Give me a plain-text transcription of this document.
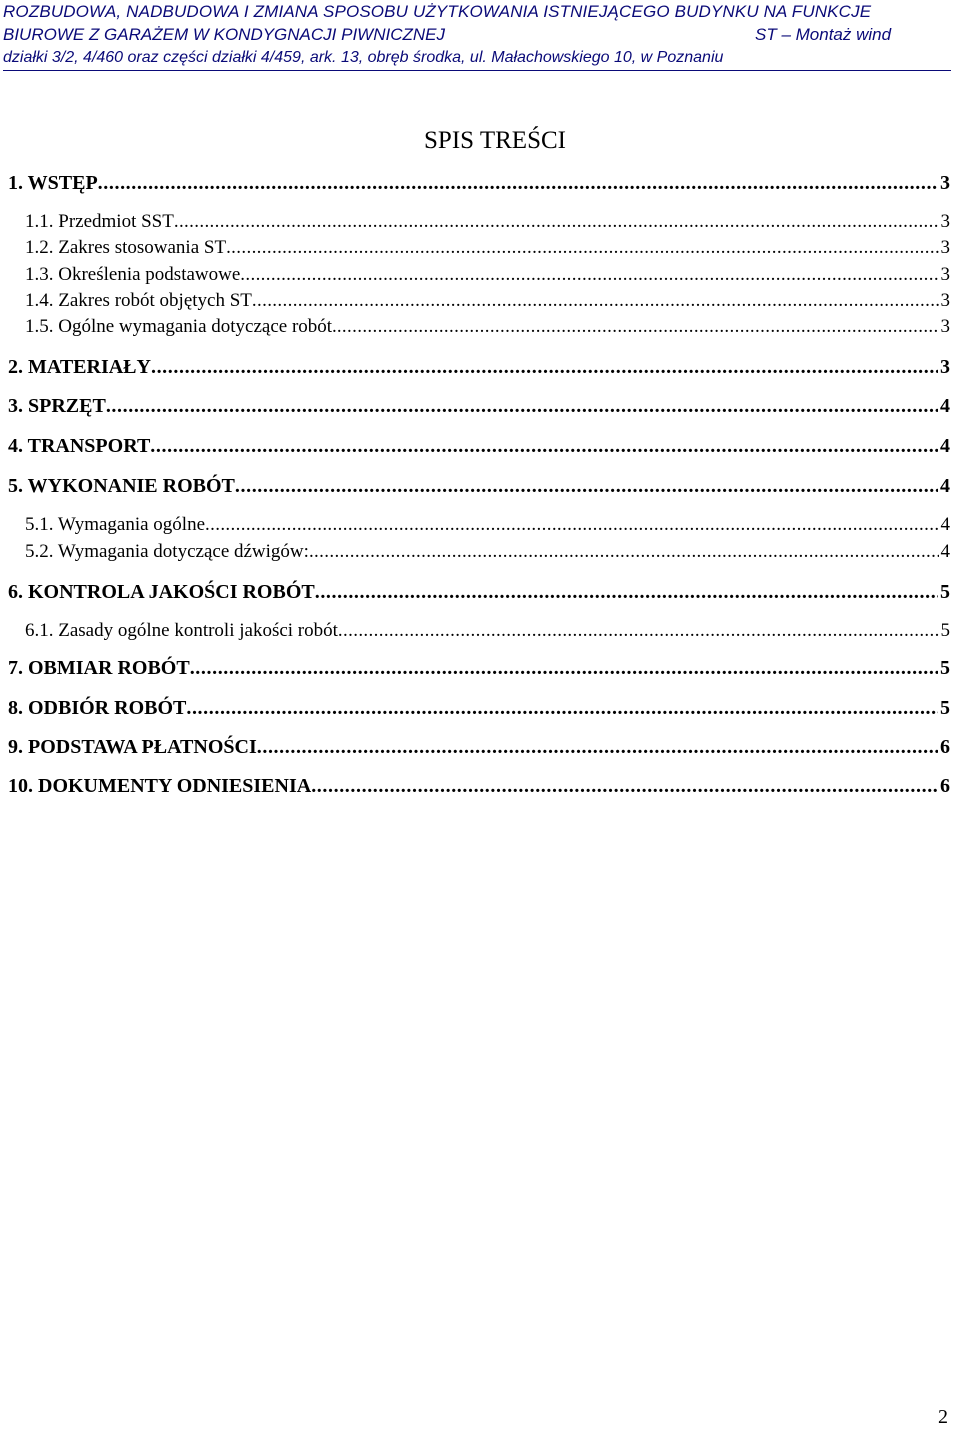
ROZBUDOWA, NADBUDOWA I ZMIANA SPOSOBU UŻYTKOWANIA ISTNIEJĄCEGO BUDYNKU NA FUNKCJE
BIUROWE Z GARAŻEM W KONDYGNACJI PIWNICZNEJ	ST – Montaż wind
działki 3/2, 4/460 oraz części działki 4/459, ark. 13, obręb środka, ul. Małachowskiego 10, w Poznaniu
SPIS TREŚCI
1. WSTĘP . . .	3
1.1. Przedmiot SST . . .	3
1.2. Zakres stosowania ST . . .	3
1.3. Określenia podstawowe . . .	3
1.4. Zakres robót objętych ST . . .	3
1.5. Ogólne wymagania dotyczące robót. . . .	3
2. MATERIAŁY . . .	3
3. SPRZĘT . . .	4
4. TRANSPORT . . .	4
5. WYKONANIE ROBÓT . . .	4
5.1. Wymagania ogólne . . .	4
5.2. Wymagania dotyczące dźwigów: . . .	4
6. KONTROLA JAKOŚCI ROBÓT . . .	5
6.1. Zasady ogólne kontroli jakości robót . . .	5
7. OBMIAR ROBÓT . . .	5
8. ODBIÓR ROBÓT . . .	5
9. PODSTAWA PŁATNOŚCI . . .	6
10. DOKUMENTY ODNIESIENIA . . .	6
2
